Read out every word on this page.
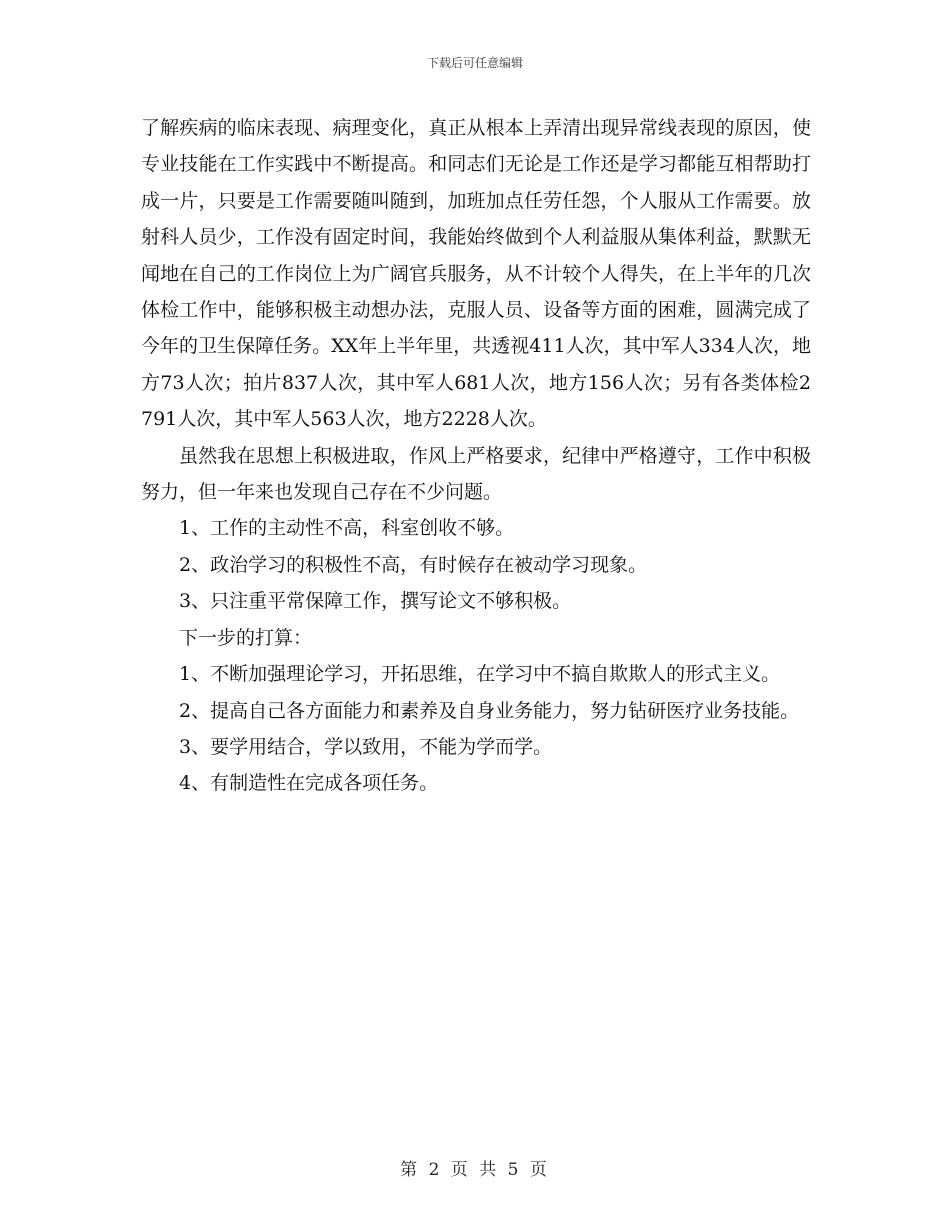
下载后可任意编辑

了解疾病的临床表现、病理变化，真正从根本上弄清出现异常线表现的原因，使专业技能在工作实践中不断提高。和同志们无论是工作还是学习都能互相帮助打成一片，只要是工作需要随叫随到，加班加点任劳任怨，个人服从工作需要。放射科人员少，工作没有固定时间，我能始终做到个人利益服从集体利益，默默无闻地在自己的工作岗位上为广阔官兵服务，从不计较个人得失，在上半年的几次体检工作中，能够积极主动想办法，克服人员、设备等方面的困难，圆满完成了今年的卫生保障任务。XX年上半年里，共透视411人次，其中军人334人次，地方73人次；拍片837人次，其中军人681人次，地方156人次；另有各类体检2791人次，其中军人563人次，地方2228人次。

虽然我在思想上积极进取，作风上严格要求，纪律中严格遵守，工作中积极努力，但一年来也发现自己存在不少问题。

1、工作的主动性不高，科室创收不够。

2、政治学习的积极性不高，有时候存在被动学习现象。

3、只注重平常保障工作，撰写论文不够积极。

下一步的打算：

1、不断加强理论学习，开拓思维，在学习中不搞自欺欺人的形式主义。

2、提高自己各方面能力和素养及自身业务能力，努力钻研医疗业务技能。

3、要学用结合，学以致用，不能为学而学。

4、有制造性在完成各项任务。

第 2 页 共 5 页
